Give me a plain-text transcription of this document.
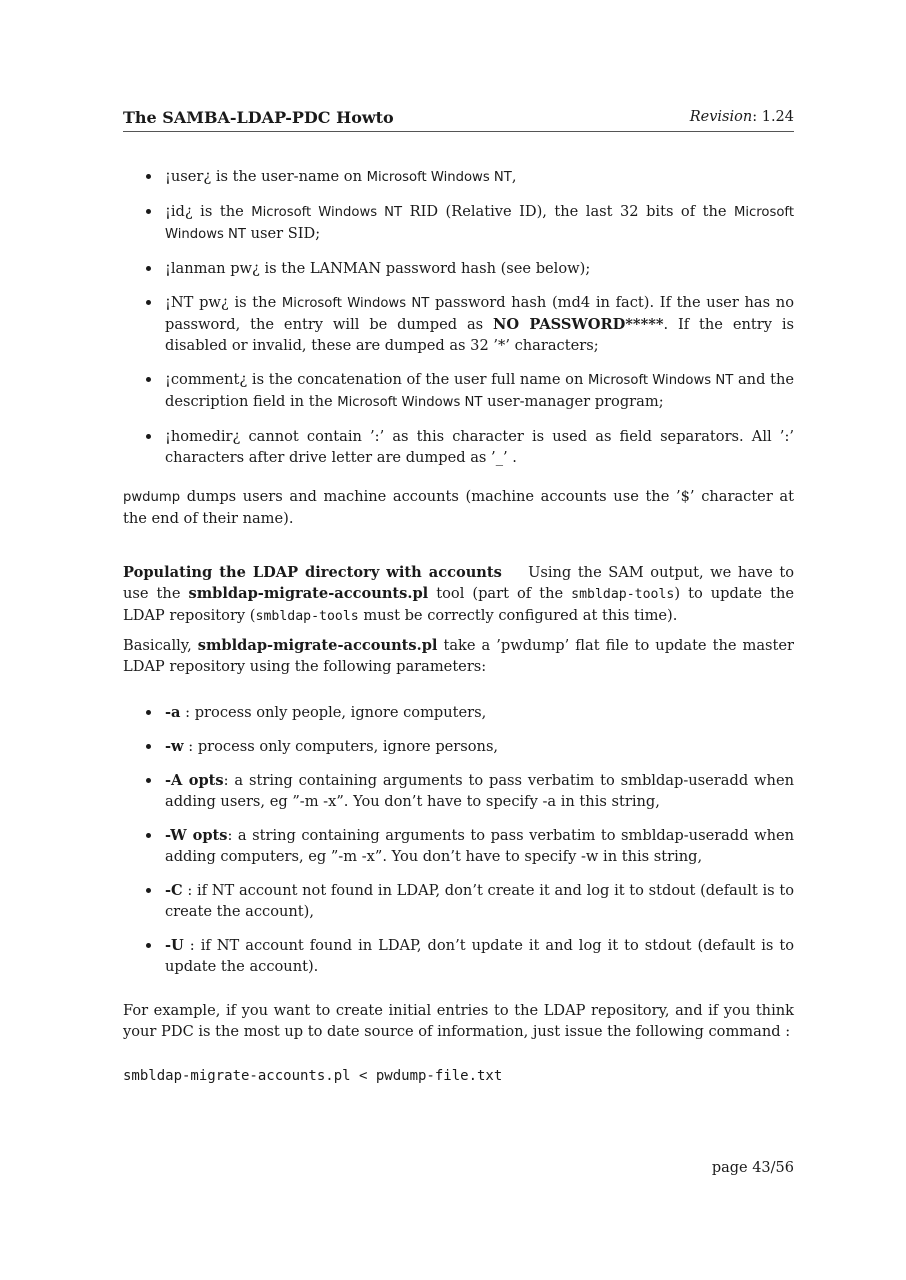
The SAMBA-LDAP-PDC Howto	Revision: 1.24
¡user¿ is the user-name on Microsoft Windows NT,
¡id¿ is the Microsoft Windows NT RID (Relative ID), the last 32 bits of the Microsoft Windows NT user SID;
¡lanman pw¿ is the LANMAN password hash (see below);
¡NT pw¿ is the Microsoft Windows NT password hash (md4 in fact). If the user has no password, the entry will be dumped as NO PASSWORD*****. If the entry is disabled or invalid, these are dumped as 32 ’*’ characters;
¡comment¿ is the concatenation of the user full name on Microsoft Windows NT and the description field in the Microsoft Windows NT user-manager program;
¡homedir¿ cannot contain ’:’ as this character is used as field separators. All ’:’ characters after drive letter are dumped as ’_’ .

pwdump dumps users and machine accounts (machine accounts use the ’$’ character at the end of their name).

Populating the LDAP directory with accounts Using the SAM output, we have to use the smbldap-migrate-accounts.pl tool (part of the smbldap-tools) to update the LDAP repository (smbldap-tools must be correctly configured at this time).

Basically, smbldap-migrate-accounts.pl take a ’pwdump’ flat file to update the master LDAP repository using the following parameters:

-a : process only people, ignore computers,
-w : process only computers, ignore persons,
-A opts: a string containing arguments to pass verbatim to smbldap-useradd when adding users, eg ”-m -x”. You don’t have to specify -a in this string,
-W opts: a string containing arguments to pass verbatim to smbldap-useradd when adding computers, eg ”-m -x”. You don’t have to specify -w in this string,
-C : if NT account not found in LDAP, don’t create it and log it to stdout (default is to create the account),
-U : if NT account found in LDAP, don’t update it and log it to stdout (default is to update the account).

For example, if you want to create initial entries to the LDAP repository, and if you think your PDC is the most up to date source of information, just issue the following command :

smbldap-migrate-accounts.pl < pwdump-file.txt
page 43/56
